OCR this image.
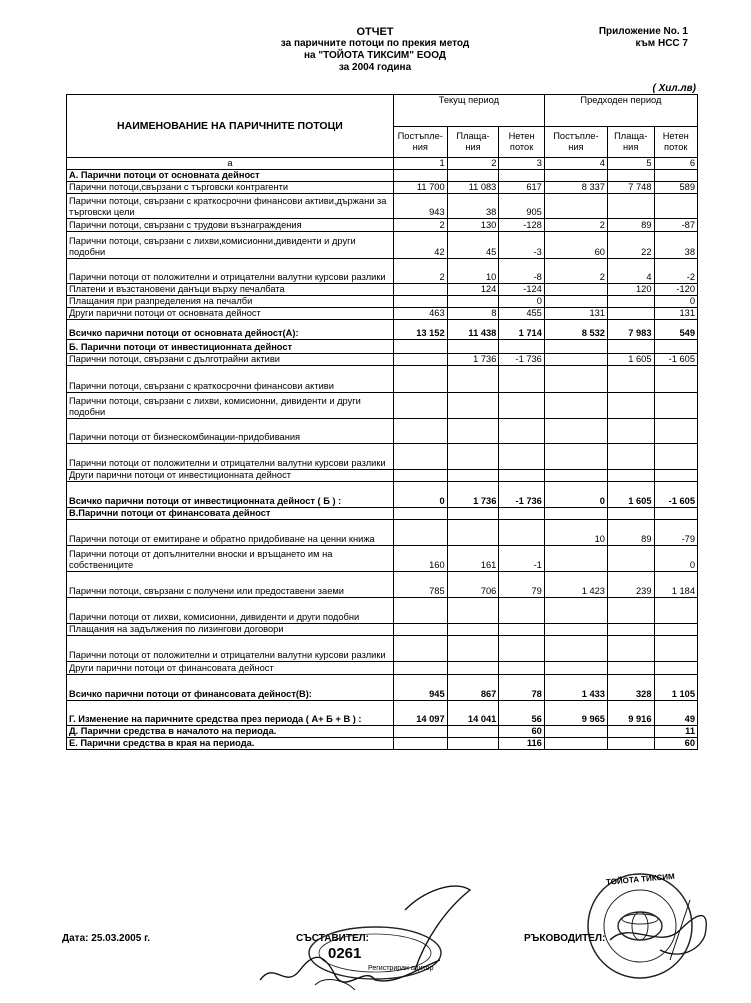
ОТЧЕТ
за паричните потоци по прекия метод
на "ТОЙОТА ТИКСИМ" ЕООД
за 2004 година
Приложение No. 1
към НСС 7
( Хил.лв)
НАИМЕНОВАНИЕ НА ПАРИЧНИТЕ ПОТОЦИ	Текущ период			Предходен период		
	Постъпле-ния	Плаща-ния	Нетен поток	Постъпле-ния	Плаща-ния	Нетен поток
а	1	2	3	4	5	6
А. Парични потоци от основната дейност						
Парични потоци,свързани с търговски контрагенти	11 700	11 083	617	8 337	7 748	589
Парични потоци, свързани с краткосрочни финансови активи,държани за търговски цели	943	38	905			
Парични потоци, свързани с трудови възнаграждения	2	130	-128	2	89	-87
Парични потоци, свързани с лихви,комисионни,дивиденти и други подобни	42	45	-3	60	22	38
Парични потоци от положителни и отрицателни валутни курсови разлики	2	10	-8	2	4	-2
Платени и възстановени данъци върху печалбата		124	-124		120	-120
Плащания при разпределения на печалби			0			0
Други парични потоци от основната дейност	463	8	455	131		131
Всичко парични потоци от основната дейност(А):	13 152	11 438	1 714	8 532	7 983	549
Б. Парични потоци от инвестиционната дейност						
Парични потоци, свързани с дълготрайни активи		1 736	-1 736		1 605	-1 605
Парични потоци, свързани с краткосрочни финансови активи						
Парични потоци, свързани с лихви, комисионни, дивиденти и други подобни						
Парични потоци от бизнескомбинации-придобивания						
Парични потоци от положителни и отрицателни валутни курсови разлики						
Други парични потоци от инвестиционната дейност						
Всичко парични потоци от инвестиционната дейност ( Б ) :	0	1 736	-1 736	0	1 605	-1 605
В.Парични потоци от финансовата дейност						
Парични потоци от емитиране и обратно придобиване на ценни книжа				10	89	-79
Парични потоци от допълнителни вноски и връщането им на собствениците	160	161	-1			0
Парични потоци, свързани с получени или предоставени заеми	785	706	79	1 423	239	1 184
Парични потоци от лихви, комисионни, дивиденти и други подобни						
Плащания на задължения по лизингови договори						
Парични потоци от положителни и отрицателни валутни курсови разлики						
Други парични потоци от финансовата дейност						
Всичко парични потоци от финансовата дейност(В):	945	867	78	1 433	328	1 105
Г. Изменение на паричните средства през периода ( А+ Б + В ) :	14 097	14 041	56	9 965	9 916	49
Д. Парични средства в началото на периода.			60			11
Е. Парични средства в края на периода.			116			60
Дата: 25.03.2005 г.	СЪСТАВИТЕЛ:	РЪКОВОДИТЕЛ:
0261
Регистриран одитор
ТОЙОТА ТИКСИМ
